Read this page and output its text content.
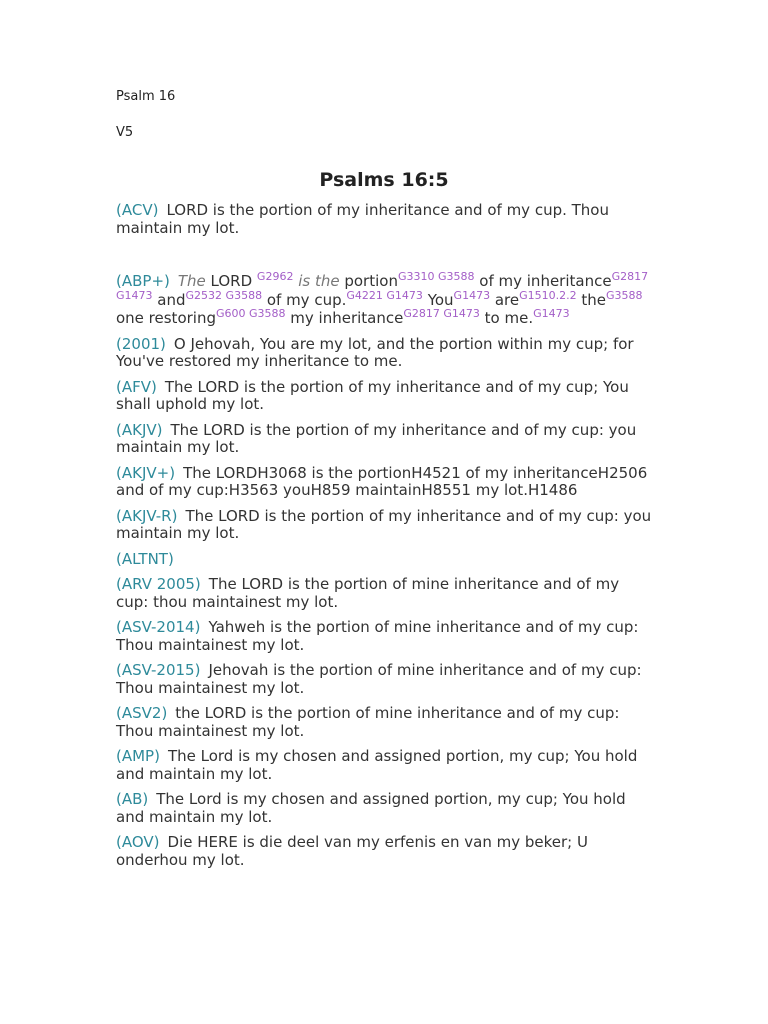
Psalm 16
V5
Psalms 16:5

(ACV) LORD is the portion of my inheritance and of my cup. Thou maintain my lot.

(ABP+) The LORD $^{G2962}$ is the portion$^{G3310 G3588}$ of my inheritance$^{G2817 G1473}$ and$^{G2532 G3588}$ of my cup.$^{G4221 G1473}$ You$^{G1473}$ are$^{G1510.2.2}$ the$^{G3588}$ one restoring$^{G600 G3588}$ my inheritance$^{G2817 G1473}$ to me.$^{G1473}$

(2001) O Jehovah, You are my lot, and the portion within my cup; for You've restored my inheritance to me.

(AFV) The LORD is the portion of my inheritance and of my cup; You shall uphold my lot.

(AKJV) The LORD is the portion of my inheritance and of my cup: you maintain my lot.

(AKJV+) The LORDH3068 is the portionH4521 of my inheritanceH2506 and of my cup:H3563 youH859 maintainH8551 my lot.H1486

(AKJV-R) The LORD is the portion of my inheritance and of my cup: you maintain my lot.

(ALTNT)

(ARV 2005) The LORD is the portion of mine inheritance and of my cup: thou maintainest my lot.

(ASV-2014) Yahweh is the portion of mine inheritance and of my cup: Thou maintainest my lot.

(ASV-2015) Jehovah is the portion of mine inheritance and of my cup: Thou maintainest my lot.

(ASV2) the LORD is the portion of mine inheritance and of my cup: Thou maintainest my lot.

(AMP) The Lord is my chosen and assigned portion, my cup; You hold and maintain my lot.

(AB) The Lord is my chosen and assigned portion, my cup; You hold and maintain my lot.

(AOV) Die HERE is die deel van my erfenis en van my beker; U onderhou my lot.
